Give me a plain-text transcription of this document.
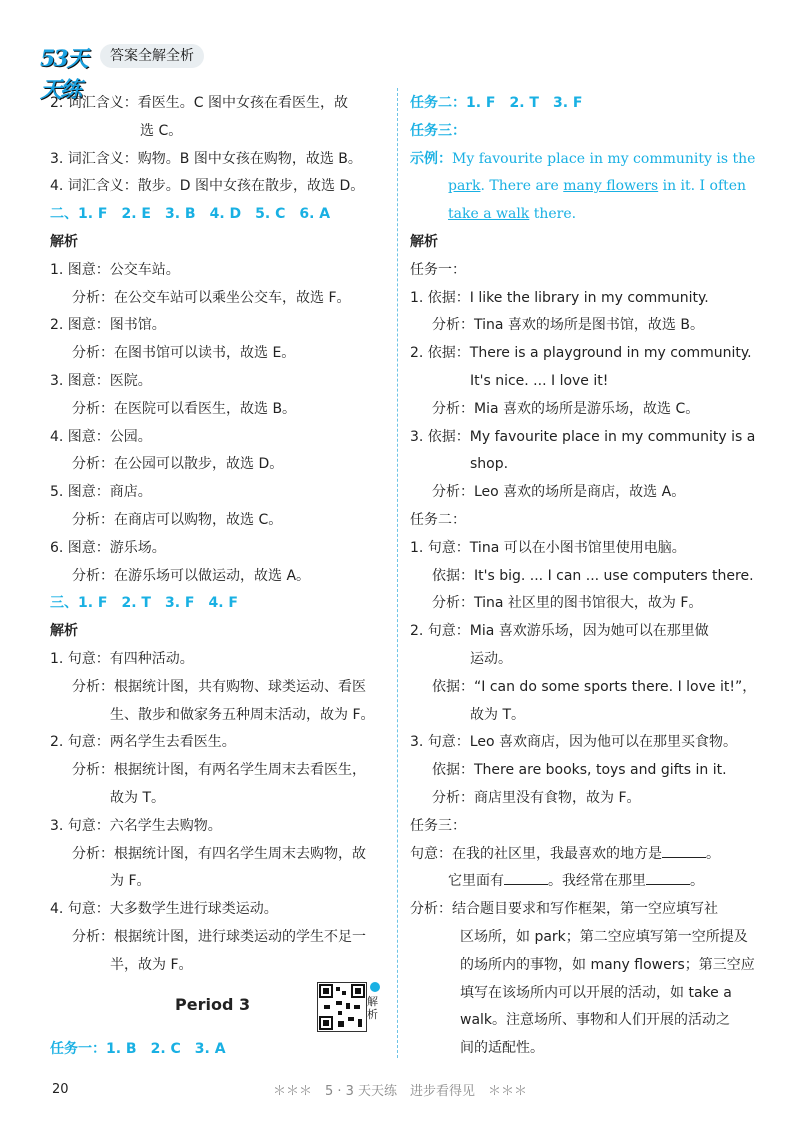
53天天练
答案全解全析
2. 词汇含义：看医生。C 图中女孩在看医生，故
选 C。
3. 词汇含义：购物。B 图中女孩在购物，故选 B。
4. 词汇含义：散步。D 图中女孩在散步，故选 D。
二、1. F　2. E　3. B　4. D　5. C　6. A
解析
1. 图意：公交车站。
分析：在公交车站可以乘坐公交车，故选 F。
2. 图意：图书馆。
分析：在图书馆可以读书，故选 E。
3. 图意：医院。
分析：在医院可以看医生，故选 B。
4. 图意：公园。
分析：在公园可以散步，故选 D。
5. 图意：商店。
分析：在商店可以购物，故选 C。
6. 图意：游乐场。
分析：在游乐场可以做运动，故选 A。
三、1. F　2. T　3. F　4. F
解析
1. 句意：有四种活动。
分析：根据统计图，共有购物、球类运动、看医
生、散步和做家务五种周末活动，故为 F。
2. 句意：两名学生去看医生。
分析：根据统计图，有两名学生周末去看医生，
故为 T。
3. 句意：六名学生去购物。
分析：根据统计图，有四名学生周末去购物，故
为 F。
4. 句意：大多数学生进行球类运动。
分析：根据统计图，进行球类运动的学生不足一
半，故为 F。
任务二：1. F　2. T　3. F
任务三：
示例：My favourite place in my community is the
park. There are many flowers in it. I often
take a walk there.
解析
任务一：
1. 依据：I like the library in my community.
分析：Tina 喜欢的场所是图书馆，故选 B。
2. 依据：There is a playground in my community.
It's nice. ... I love it!
分析：Mia 喜欢的场所是游乐场，故选 C。
3. 依据：My favourite place in my community is a
shop.
分析：Leo 喜欢的场所是商店，故选 A。
任务二：
1. 句意：Tina 可以在小图书馆里使用电脑。
依据：It's big. ... I can ... use computers there.
分析：Tina 社区里的图书馆很大，故为 F。
2. 句意：Mia 喜欢游乐场，因为她可以在那里做
运动。
依据：“I can do some sports there. I love it!”，
故为 T。
3. 句意：Leo 喜欢商店，因为他可以在那里买食物。
依据：There are books, toys and gifts in it.
分析：商店里没有食物，故为 F。
任务三：
句意：在我的社区里，我最喜欢的地方是	。
它里面有	。我经常在那里	。
分析：结合题目要求和写作框架，第一空应填写社
区场所，如 park；第二空应填写第一空所提及
的场所内的事物，如 many flowers；第三空应
填写在该场所内可以开展的活动，如 take a
walk。注意场所、事物和人们开展的活动之
间的适配性。
Period 3	解析
任务一：1. B　2. C　3. A
20	＊＊＊　5 · 3 天天练　进步看得见　＊＊＊
